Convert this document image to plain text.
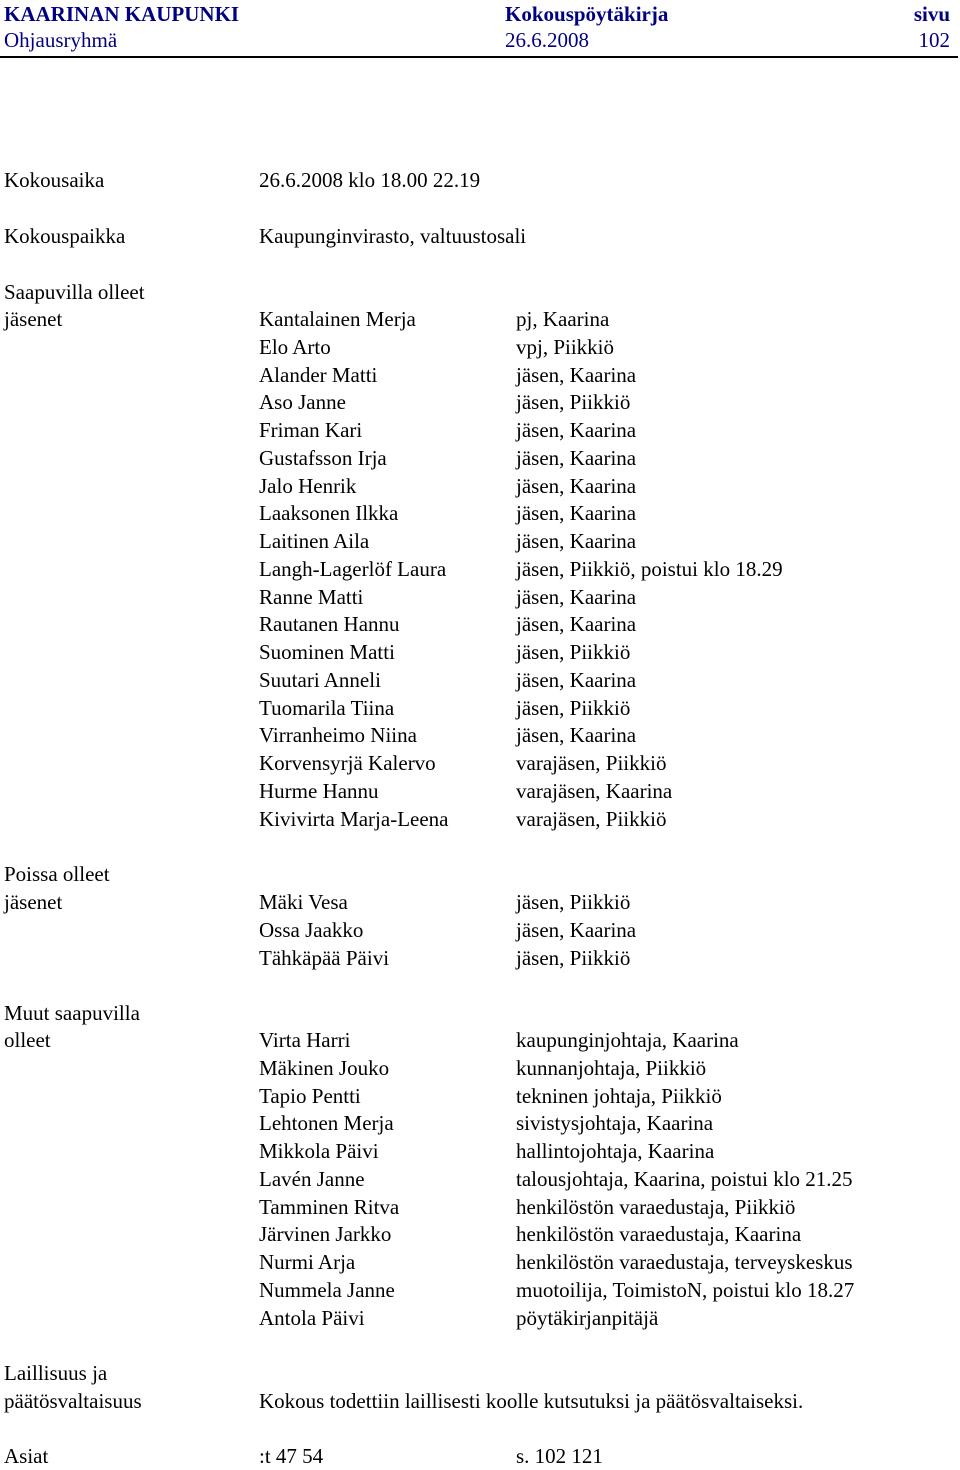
KAARINAN KAUPUNKI	Kokouspöytäkirja	sivu
Ohjausryhmä	26.6.2008	102
Kokousaika	26.6.2008 klo 18.00 22.19
Kokouspaikka	Kaupunginvirasto, valtuustosali
Saapuvilla olleet
jäsenet	Kantalainen Merja	pj, Kaarina
Elo Arto	vpj, Piikkiö
Alander Matti	jäsen, Kaarina
Aso Janne	jäsen, Piikkiö
Friman Kari	jäsen, Kaarina
Gustafsson Irja	jäsen, Kaarina
Jalo Henrik	jäsen, Kaarina
Laaksonen Ilkka	jäsen, Kaarina
Laitinen Aila	jäsen, Kaarina
Langh-Lagerlöf Laura	jäsen, Piikkiö, poistui klo 18.29
Ranne Matti	jäsen, Kaarina
Rautanen Hannu	jäsen, Kaarina
Suominen Matti	jäsen, Piikkiö
Suutari Anneli	jäsen, Kaarina
Tuomarila Tiina	jäsen, Piikkiö
Virranheimo Niina	jäsen, Kaarina
Korvensyrjä Kalervo	varajäsen, Piikkiö
Hurme Hannu	varajäsen, Kaarina
Kivivirta Marja-Leena	varajäsen, Piikkiö
Poissa olleet
jäsenet	Mäki Vesa	jäsen, Piikkiö
Ossa Jaakko	jäsen, Kaarina
Tähkäpää Päivi	jäsen, Piikkiö
Muut saapuvilla
olleet	Virta Harri	kaupunginjohtaja, Kaarina
Mäkinen Jouko	kunnanjohtaja, Piikkiö
Tapio Pentti	tekninen johtaja, Piikkiö
Lehtonen Merja	sivistysjohtaja, Kaarina
Mikkola Päivi	hallintojohtaja, Kaarina
Lavén Janne	talousjohtaja, Kaarina, poistui klo 21.25
Tamminen Ritva	henkilöstön varaedustaja, Piikkiö
Järvinen Jarkko	henkilöstön varaedustaja, Kaarina
Nurmi Arja	henkilöstön varaedustaja, terveyskeskus
Nummela Janne	muotoilija, ToimistoN, poistui klo 18.27
Antola Päivi	pöytäkirjanpitäjä
Laillisuus ja
päätösvaltaisuus	Kokous todettiin laillisesti koolle kutsutuksi ja päätösvaltaiseksi.
Asiat	:t 47 54	s. 102 121
